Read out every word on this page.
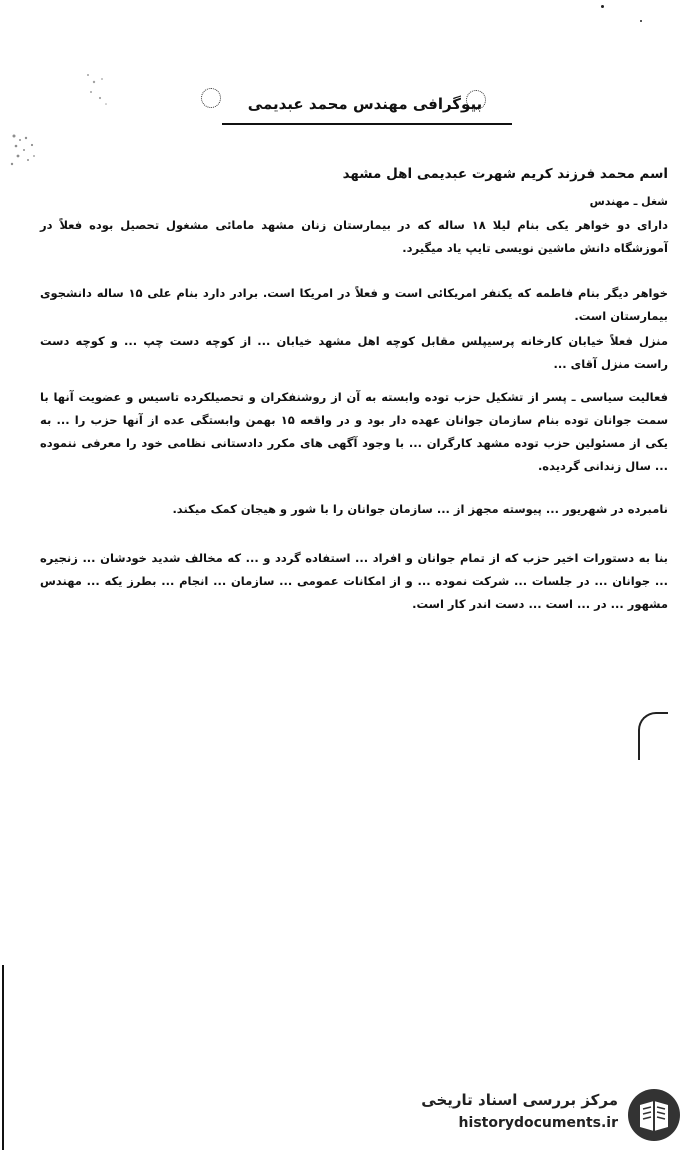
بیوگرافی مهندس محمد عبدیمی
اسم محمد فرزند کریم شهرت عبدیمی اهل مشهد
شغل ـ مهندس
دارای دو خواهر یکی بنام لیلا ۱۸ ساله که در بیمارستان زنان مشهد مامائی مشغول تحصیل بوده فعلاً در آموزشگاه دانش ماشین نویسی تایپ یاد میگیرد.
خواهر دیگر بنام فاطمه که یکنفر امریکائی است و فعلاً در امریکا است. برادر دارد بنام علی ۱۵ ساله دانشجوی بیمارستان است.
منزل فعلاً خیابان کارخانه پرسیپلس مقابل کوچه اهل مشهد خیابان ... از کوچه دست چپ ... و کوچه دست راست منزل آقای ...
فعالیت سیاسی ـ پسر از تشکیل حزب توده وابسته به آن از روشنفکران و تحصیلکرده تاسیس و عضویت آنها با سمت جوانان توده بنام سازمان جوانان عهده دار بود و در واقعه ۱۵ بهمن وابستگی عده از آنها حزب را ... به یکی از مسئولین حزب توده مشهد کارگران ... با وجود آگهی های مکرر دادستانی نظامی خود را معرفی ننموده ... سال زندانی گردیده.
نامبرده در شهریور ... پیوسته مجهز از ... سازمان جوانان را با شور و هیجان کمک میکند.
بنا به دستورات اخیر حزب که از تمام جوانان و افراد ... استفاده گردد و ... که مخالف شدید خودشان ... زنجیره ... جوانان ... در جلسات ... شرکت نموده ... و از امکانات عمومی ... سازمان ... انجام ... بطرز یکه ... مهندس مشهور ... در ... است ... دست اندر کار است.
مرکز بررسی اسناد تاریخی
historydocuments.ir
